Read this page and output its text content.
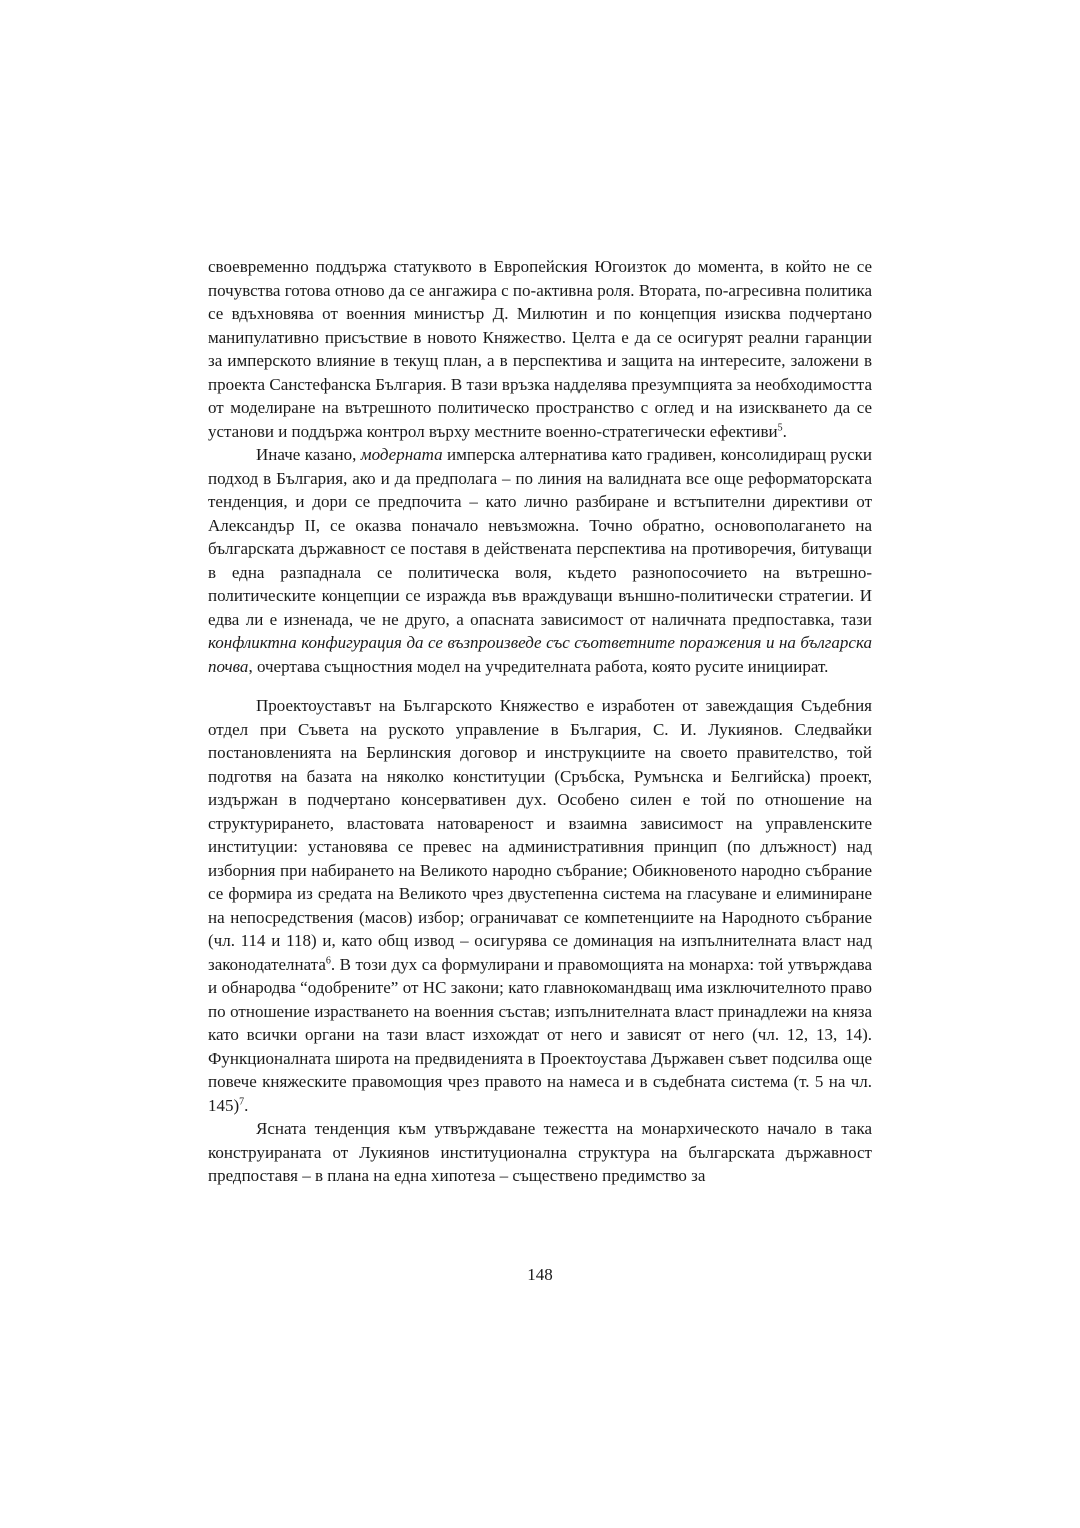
своевременно поддържа статуквото в Европейския Югоизток до момента, в който не се почувства готова отново да се ангажира с по-активна роля. Втората, по-агресивна политика се вдъхновява от военния министър Д. Милютин и по концепция изисква подчертано манипулативно присъствие в новото Княжество. Целта е да се осигурят реални гаранции за имперското влияние в текущ план, а в перспектива и защита на интересите, заложени в проекта Санстефанска България. В тази връзка надделява презумпцията за необходимостта от моделиране на вътрешното политическо пространство с оглед и на изискването да се установи и поддържа контрол върху местните военно-стратегически ефективи$^5$.

Иначе казано, модерната имперска алтернатива като градивен, консолидиращ руски подход в България, ако и да предполага – по линия на валидната все още реформаторската тенденция, и дори се предпочита – като лично разбиране и встъпителни директиви от Александър II, се оказва поначало невъзможна. Точно обратно, основополагането на българската държавност се поставя в действената перспектива на противоречия, битуващи в една разпаднала се политическа воля, където разнопосочието на вътрешно-политическите концепции се изражда във враждуващи външно-политически стратегии. И едва ли е изненада, че не друго, а опасната зависимост от наличната предпоставка, тази конфликтна конфигурация да се възпроизведе със съответните поражения и на българска почва, очертава същностния модел на учредителната работа, която русите инициират.

Проектоуставът на Българското Княжество е изработен от завеждащия Съдебния отдел при Съвета на руското управление в България, С. И. Лукиянов. Следвайки постановленията на Берлинския договор и инструкциите на своето правителство, той подготвя на базата на няколко конституции (Сръбска, Румънска и Белгийска) проект, издържан в подчертано консервативен дух. Особено силен е той по отношение на структурирането, властовата натовареност и взаимна зависимост на управленските институции: установява се превес на административния принцип (по длъжност) над изборния при набирането на Великото народно събрание; Обикновеното народно събрание се формира из средата на Великото чрез двустепенна система на гласуване и елиминиране на непосредствения (масов) избор; ограничават се компетенциите на Народното събрание (чл. 114 и 118) и, като общ извод – осигурява се доминация на изпълнителната власт над законодателната$^6$. В този дух са формулирани и правомощията на монарха: той утвърждава и обнародва “одобрените” от НС закони; като главнокомандващ има изключителното право по отношение израстването на военния състав; изпълнителната власт принадлежи на княза като всички органи на тази власт изхождат от него и зависят от него (чл. 12, 13, 14). Функционалната широта на предвиденията в Проектоустава Държавен съвет подсилва още повече княжеските правомощия чрез правото на намеса и в съдебната система (т. 5 на чл. 145)$^7$.

Ясната тенденция към утвърждаване тежестта на монархическото начало в така конструираната от Лукиянов институционална структура на българската държавност предпоставя – в плана на една хипотеза – съществено предимство за

148
